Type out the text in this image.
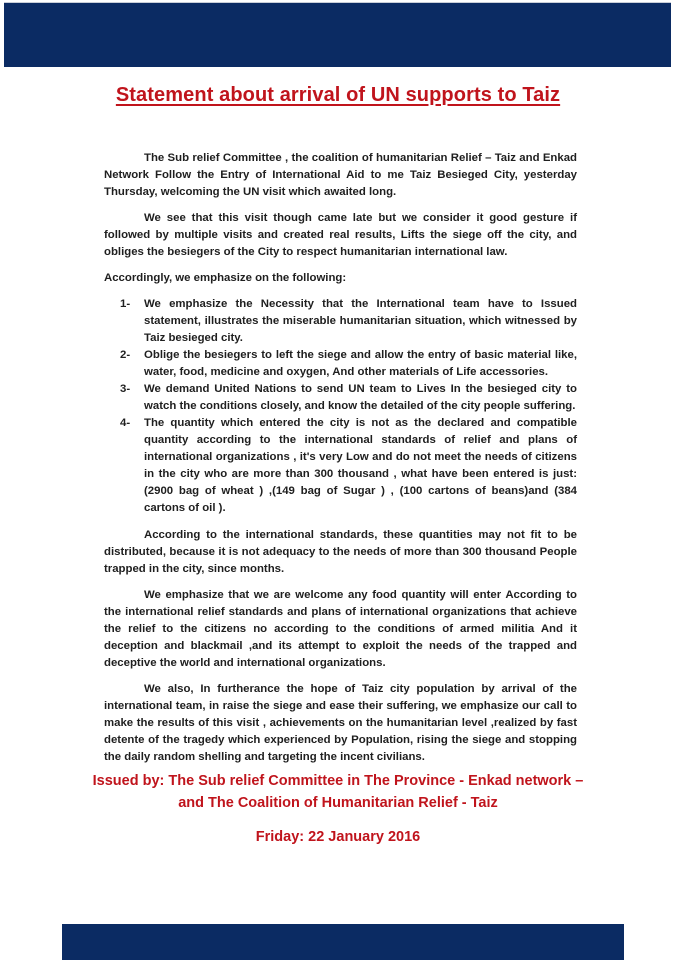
Statement about arrival of UN supports to Taiz

The Sub relief Committee , the coalition of humanitarian Relief – Taiz and Enkad Network Follow the Entry of International Aid to me Taiz Besieged City, yesterday Thursday, welcoming the UN visit which awaited long.

We see that this visit though came late but we consider it good gesture if followed by multiple visits and created real results, Lifts the siege off the city, and obliges the besiegers of the City to respect humanitarian international law.

Accordingly, we emphasize on the following:

1- We emphasize the Necessity that the International team have to Issued statement, illustrates the miserable humanitarian situation, which witnessed by Taiz besieged city.
2- Oblige the besiegers to left the siege and allow the entry of basic material like, water, food, medicine and oxygen, And other materials of Life accessories.
3- We demand United Nations to send UN team to Lives In the besieged city to watch the conditions closely, and know the detailed of the city people suffering.
4- The quantity which entered the city is not as the declared and compatible quantity according to the international standards of relief and plans of international organizations , it's very Low and do not meet the needs of citizens in the city who are more than 300 thousand , what have been entered is just: (2900 bag of wheat ) ,(149 bag of Sugar ) , (100 cartons of beans)and (384 cartons of oil ).

According to the international standards, these quantities may not fit to be distributed, because it is not adequacy to the needs of more than 300 thousand People trapped in the city, since months.

We emphasize that we are welcome any food quantity will enter According to the international relief standards and plans of international organizations that achieve the relief to the citizens no according to the conditions of armed militia And it deception and blackmail ,and its attempt to exploit the needs of the trapped and deceptive the world and international organizations.

We also, In furtherance the hope of Taiz city population by arrival of the international team, in raise the siege and ease their suffering, we emphasize our call to make the results of this visit , achievements on the humanitarian level ,realized by fast detente of the tragedy which experienced by Population, rising the siege and stopping the daily random shelling and targeting the incent civilians.

Issued by: The Sub relief Committee in The Province - Enkad network –
and The Coalition of Humanitarian Relief - Taiz
Friday: 22 January 2016
